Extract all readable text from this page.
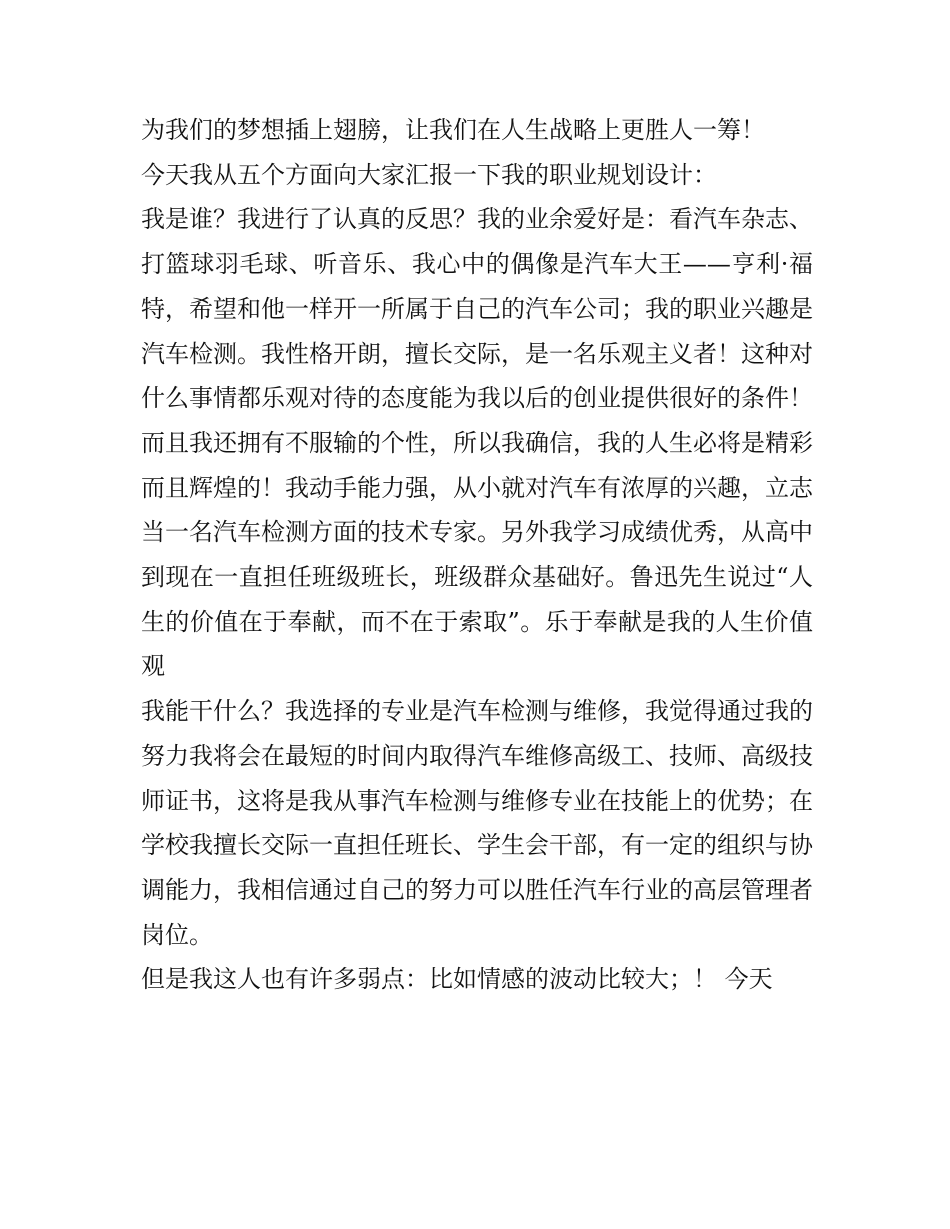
为我们的梦想插上翅膀，让我们在人生战略上更胜人一筹！

今天我从五个方面向大家汇报一下我的职业规划设计：

我是谁？我进行了认真的反思？我的业余爱好是：看汽车杂志、打篮球羽毛球、听音乐、我心中的偶像是汽车大王——亨利·福特，希望和他一样开一所属于自己的汽车公司；我的职业兴趣是汽车检测。我性格开朗，擅长交际，是一名乐观主义者！这种对什么事情都乐观对待的态度能为我以后的创业提供很好的条件！而且我还拥有不服输的个性，所以我确信，我的人生必将是精彩而且辉煌的！我动手能力强，从小就对汽车有浓厚的兴趣，立志当一名汽车检测方面的技术专家。另外我学习成绩优秀，从高中到现在一直担任班级班长，班级群众基础好。鲁迅先生说过“人生的价值在于奉献，而不在于索取”。乐于奉献是我的人生价值观

我能干什么？我选择的专业是汽车检测与维修，我觉得通过我的努力我将会在最短的时间内取得汽车维修高级工、技师、高级技师证书，这将是我从事汽车检测与维修专业在技能上的优势；在学校我擅长交际一直担任班长、学生会干部，有一定的组织与协调能力，我相信通过自己的努力可以胜任汽车行业的高层管理者岗位。

但是我这人也有许多弱点：比如情感的波动比较大；！ 今天
